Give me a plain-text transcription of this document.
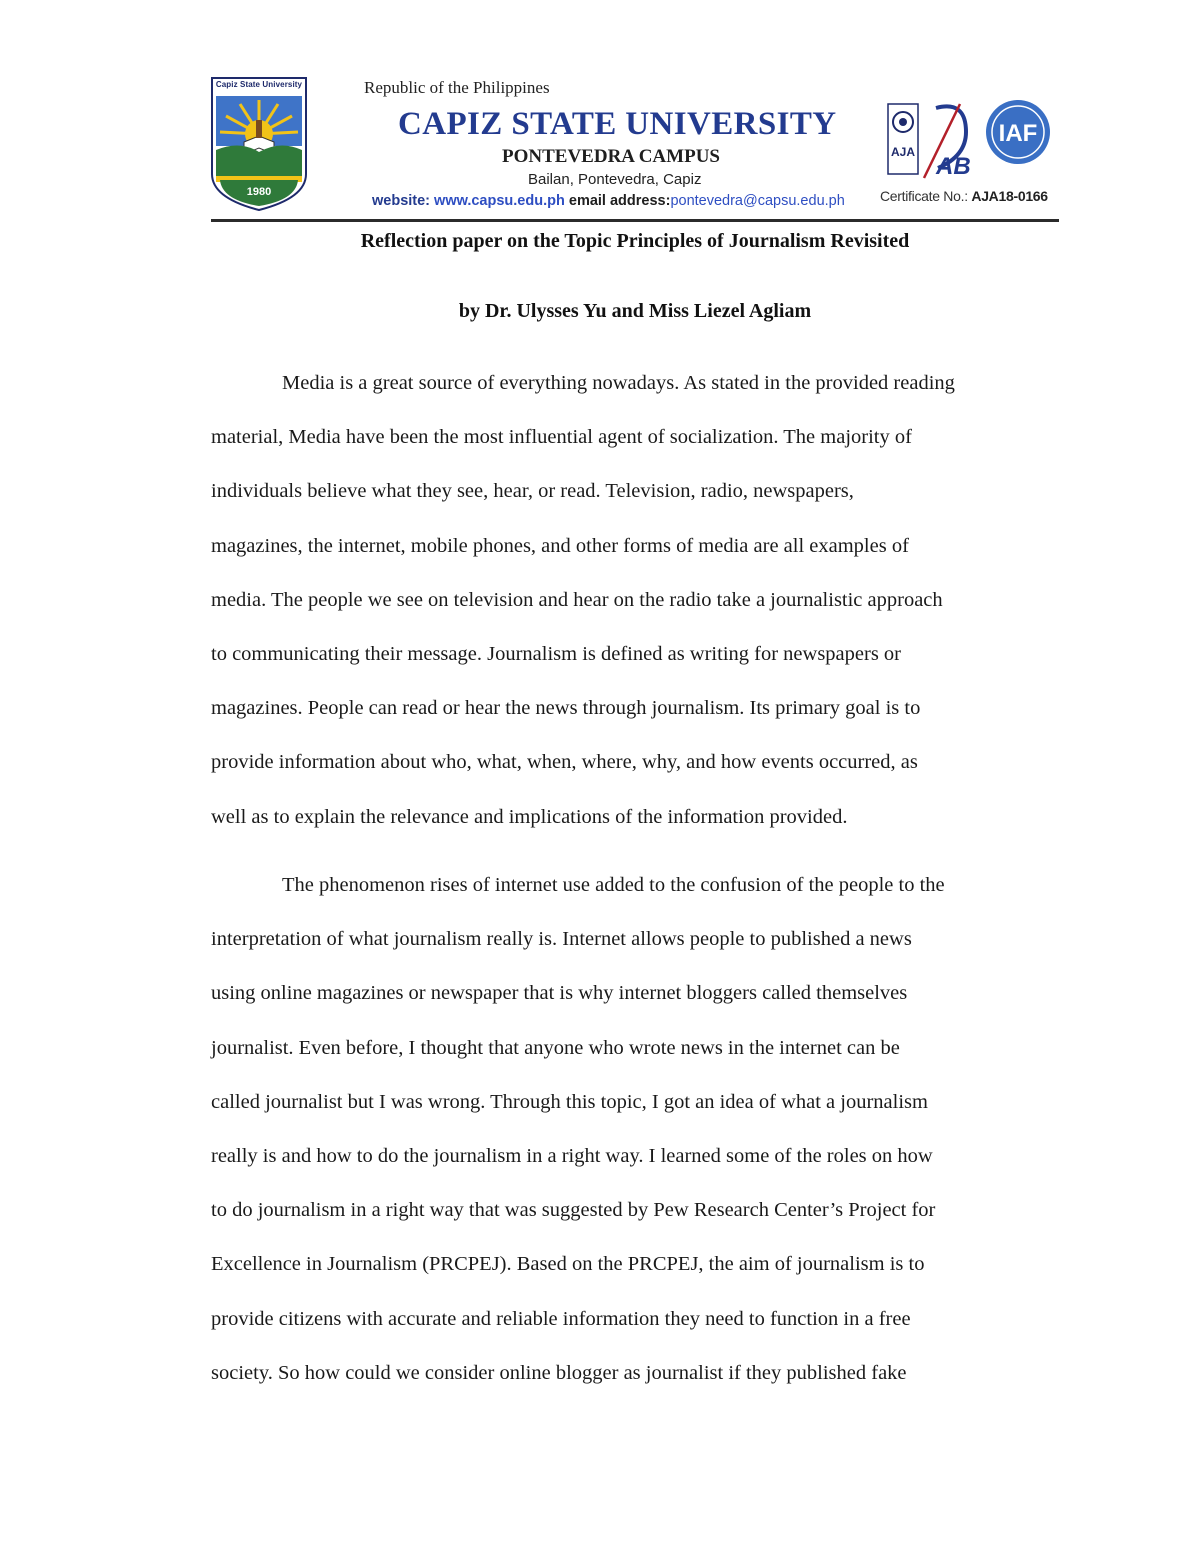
Capiz State University
1980
Republic of the Philippines
CAPIZ STATE UNIVERSITY
PONTEVEDRA CAMPUS
Bailan, Pontevedra, Capiz
website: www.capsu.edu.ph email address:pontevedra@capsu.edu.ph
AJA
AB
IAF
Certificate No.: AJA18-0166
Reflection paper on the Topic Principles of Journalism Revisited
by Dr. Ulysses Yu and Miss Liezel Agliam
Media is a great source of everything nowadays. As stated in the provided reading
material, Media have been the most influential agent of socialization. The majority of
individuals believe what they see, hear, or read. Television, radio, newspapers,
magazines, the internet, mobile phones, and other forms of media are all examples of
media. The people we see on television and hear on the radio take a journalistic approach
to communicating their message. Journalism is defined as writing for newspapers or
magazines. People can read or hear the news through journalism. Its primary goal is to
provide information about who, what, when, where, why, and how events occurred, as
well as to explain the relevance and implications of the information provided.
The phenomenon rises of internet use added to the confusion of the people to the
interpretation of what journalism really is. Internet allows people to published a news
using online magazines or newspaper that is why internet bloggers called themselves
journalist. Even before, I thought that anyone who wrote news in the internet can be
called journalist but I was wrong. Through this topic, I got an idea of what a journalism
really is and how to do the journalism in a right way. I learned some of the roles on how
to do journalism in a right way that was suggested by Pew Research Center’s Project for
Excellence in Journalism (PRCPEJ). Based on the PRCPEJ, the aim of journalism is to
provide citizens with accurate and reliable information they need to function in a free
society. So how could we consider online blogger as journalist if they published fake
